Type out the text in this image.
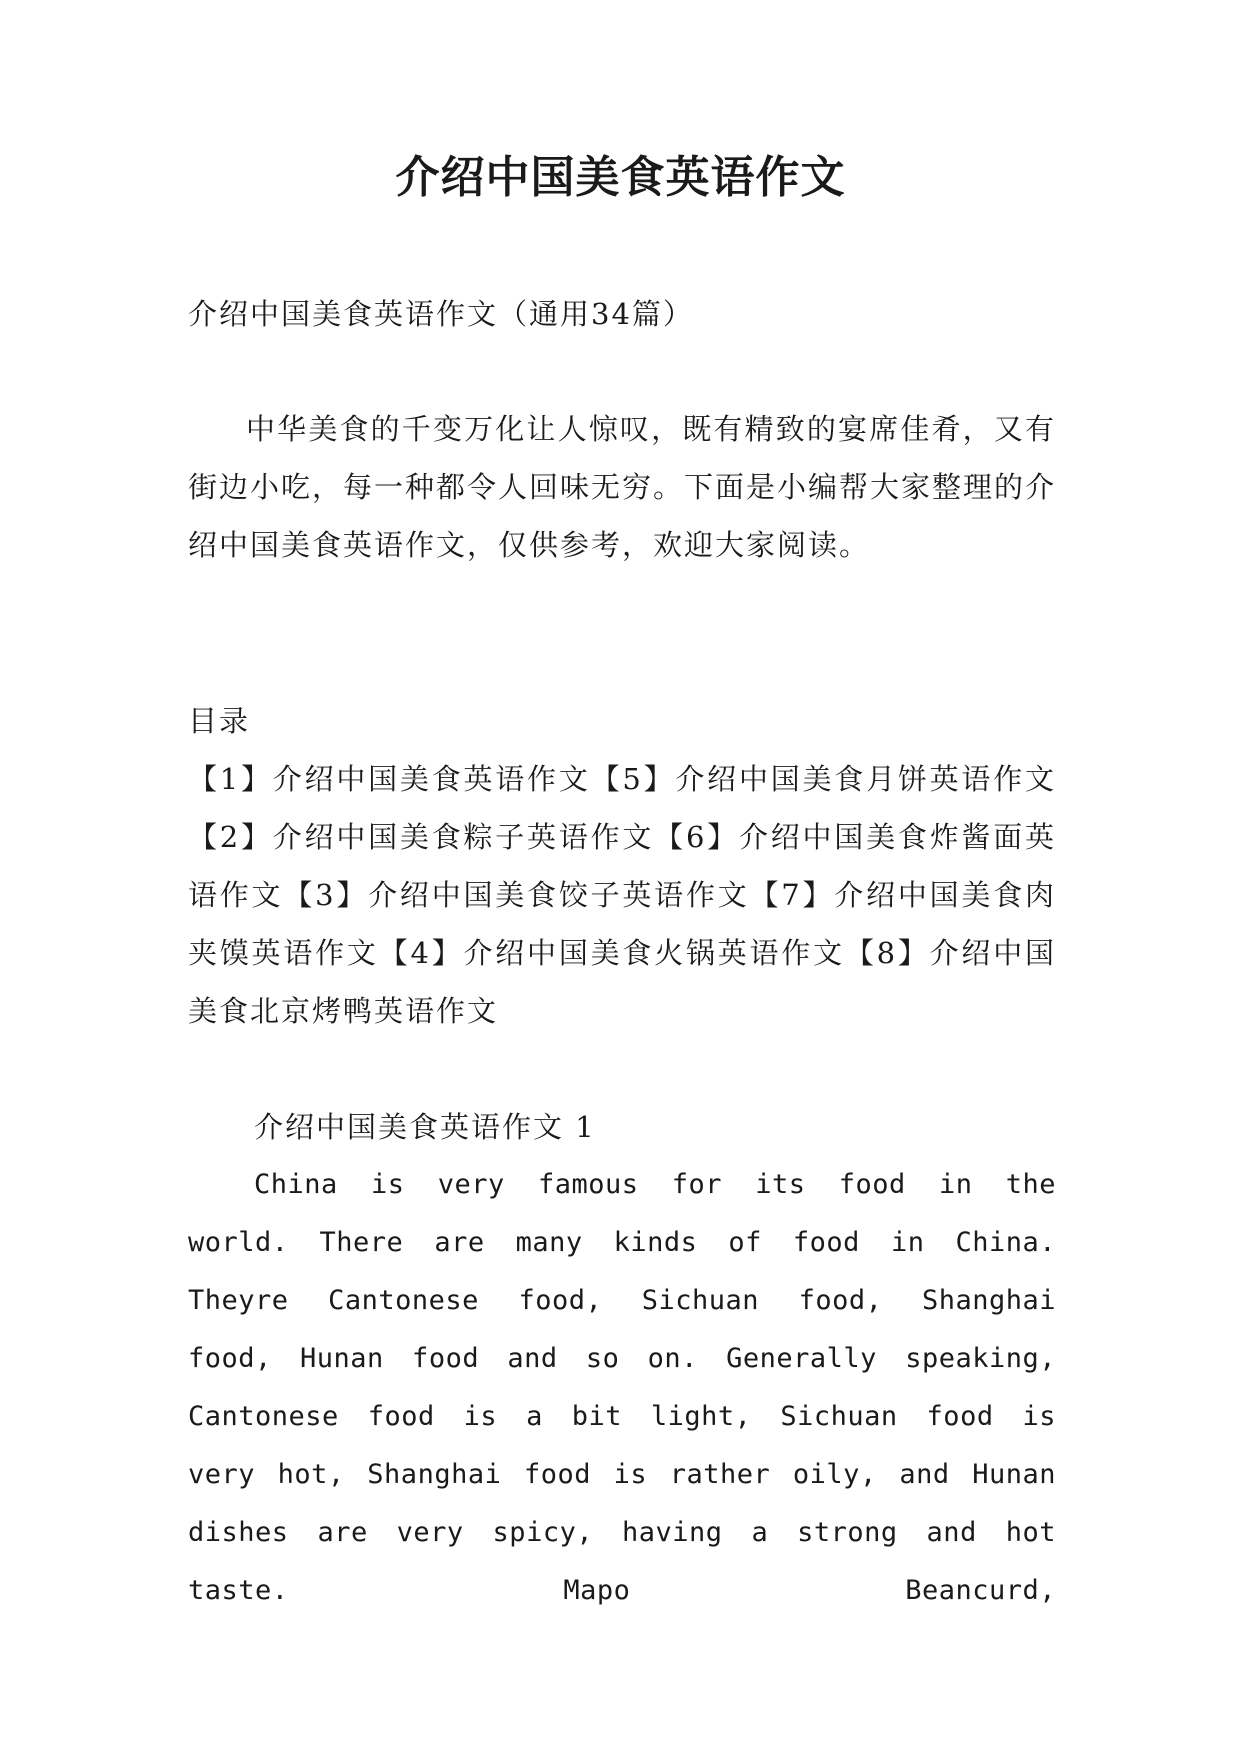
介绍中国美食英语作文
介绍中国美食英语作文（通用34篇）
中华美食的千变万化让人惊叹，既有精致的宴席佳肴，又有街边小吃，每一种都令人回味无穷。下面是小编帮大家整理的介绍中国美食英语作文，仅供参考，欢迎大家阅读。
目录
【1】介绍中国美食英语作文【5】介绍中国美食月饼英语作文【2】介绍中国美食粽子英语作文【6】介绍中国美食炸酱面英语作文【3】介绍中国美食饺子英语作文【7】介绍中国美食肉夹馍英语作文【4】介绍中国美食火锅英语作文【8】介绍中国美食北京烤鸭英语作文
介绍中国美食英语作文 1
China is very famous for its food in the world. There are many kinds of food in China. Theyre Cantonese food, Sichuan food, Shanghai food, Hunan food and so on. Generally speaking, Cantonese food is a bit light, Sichuan food is very hot, Shanghai food is rather oily, and Hunan dishes are very spicy, having a strong and hot taste. Mapo Beancurd,
